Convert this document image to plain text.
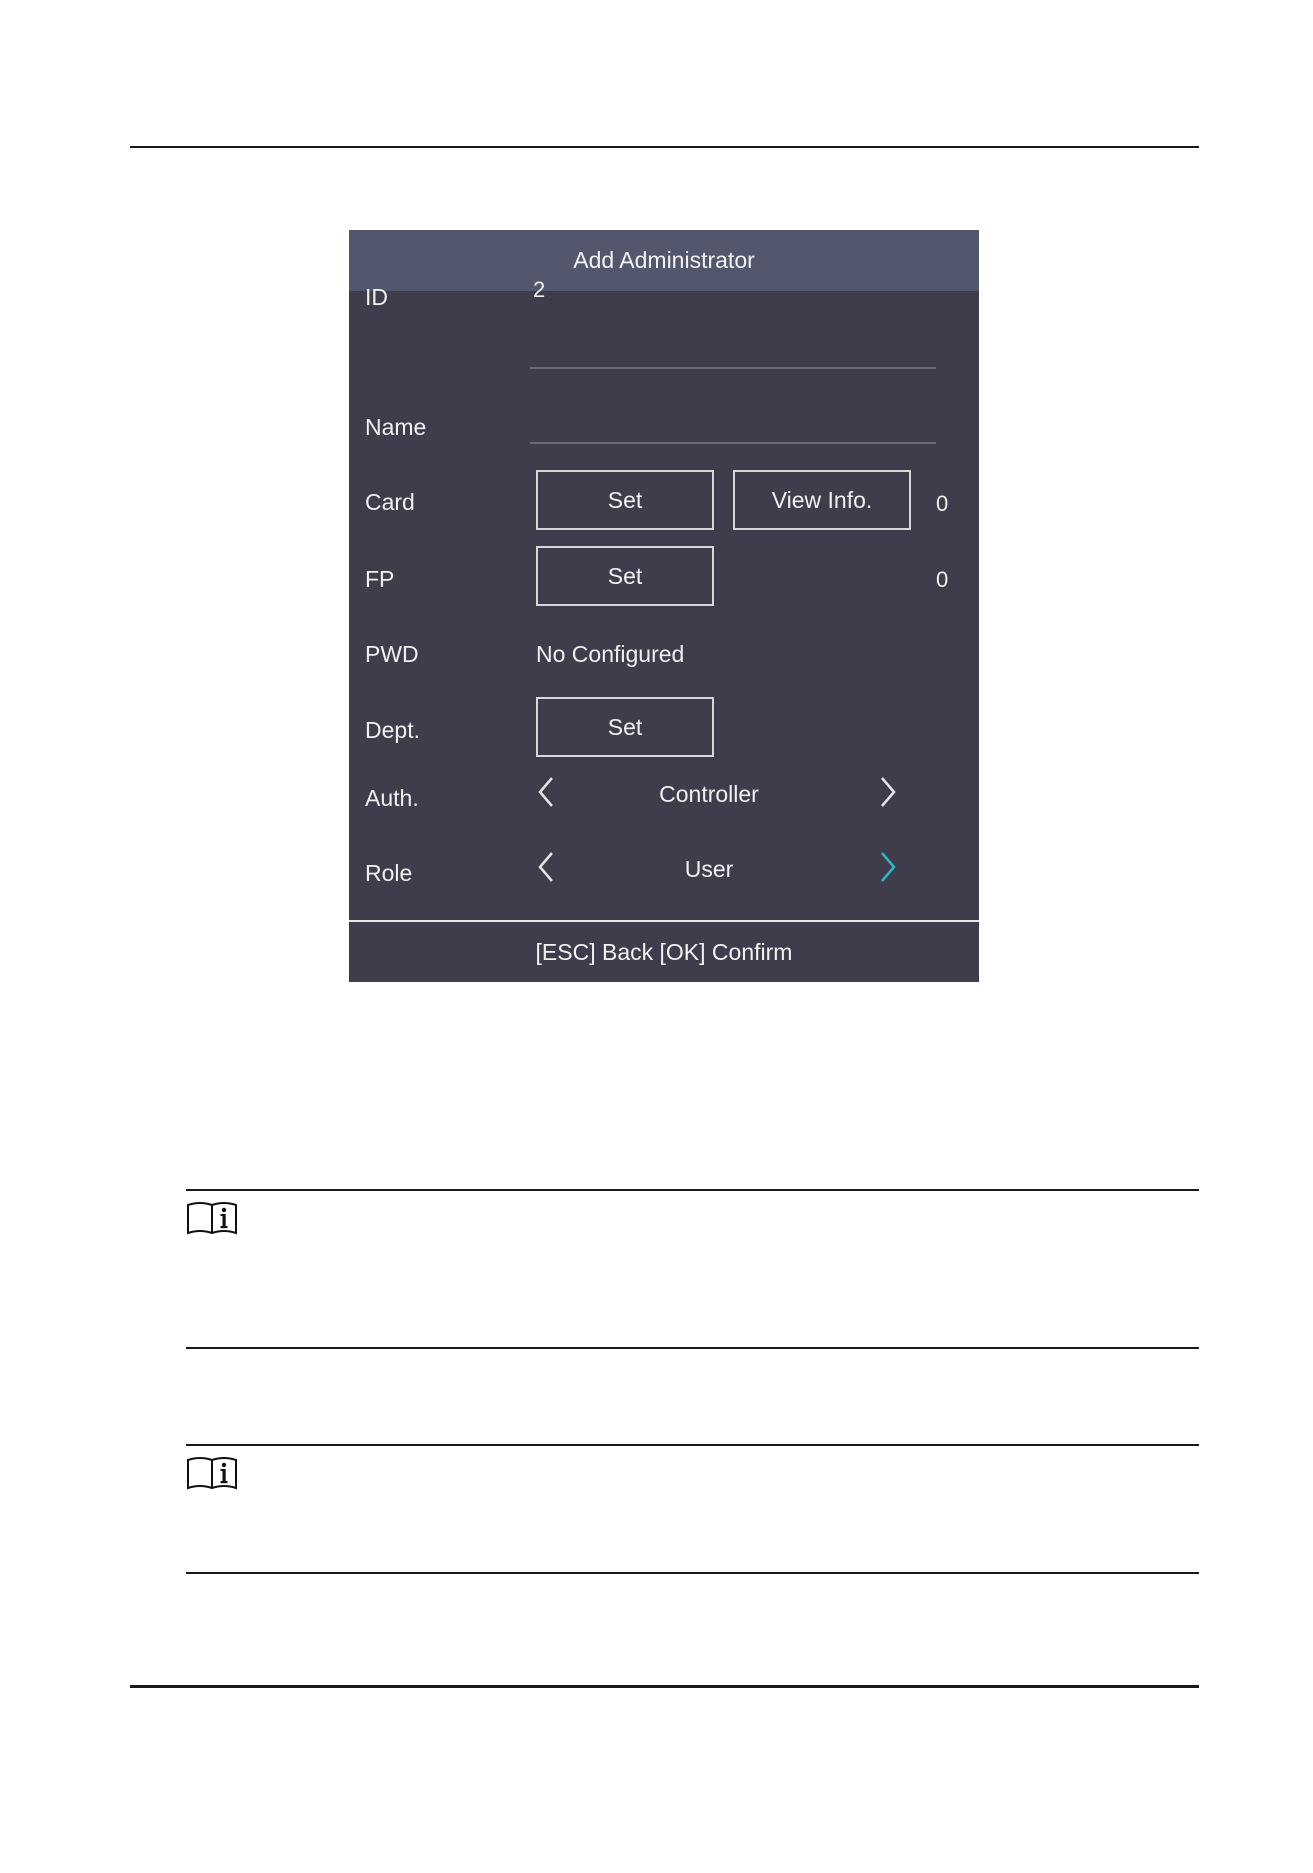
Add Administrator
ID	2
Name
Card	Set	View Info.	0
FP	Set	0
PWD	No Configured
Dept.	Set
Auth.	Controller
Role	User
[ESC] Back [OK] Confirm
